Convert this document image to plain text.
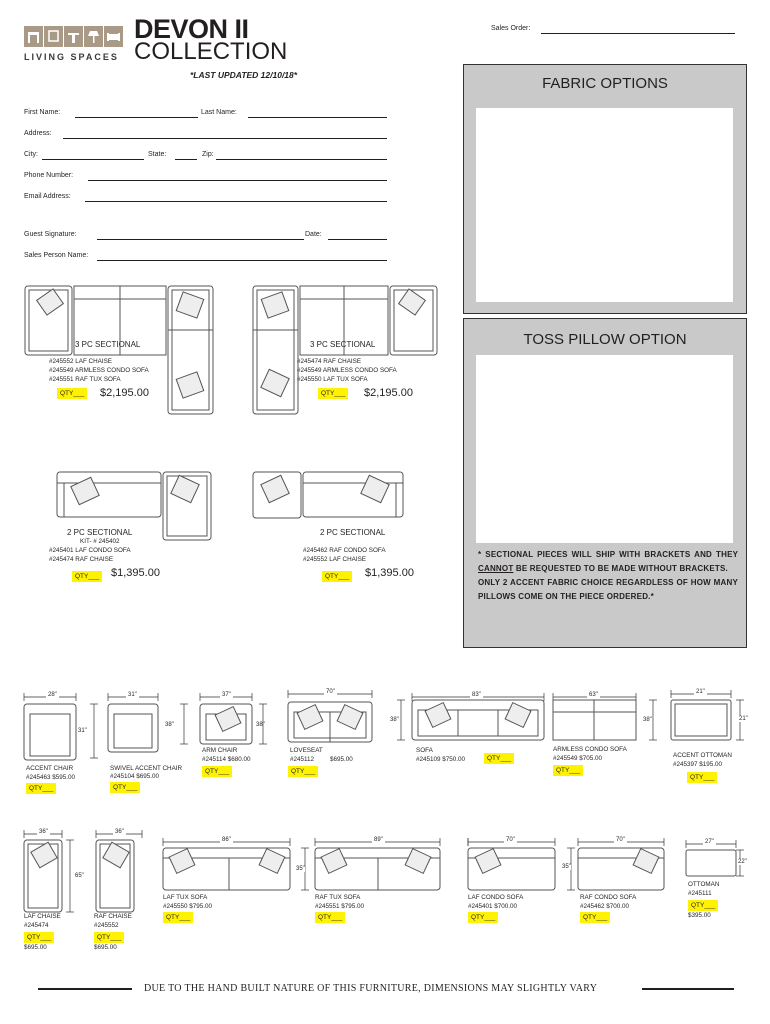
LIVING SPACES
DEVON II
COLLECTION
*LAST UPDATED 12/10/18*
Sales Order:
First Name:	Last Name:
Address:
City:	State:	Zip:
Phone Number:
Email Address:
Guest Signature:	Date:
Sales Person Name:
FABRIC OPTIONS
TOSS PILLOW OPTION
* SECTIONAL PIECES WILL SHIP WITH BRACKETS AND THEY CANNOT BE REQUESTED TO BE MADE WITHOUT BRACKETS.
ONLY 2 ACCENT FABRIC CHOICE REGARDLESS OF HOW MANY PILLOWS COME ON THE PIECE ORDERED.*
3 PC SECTIONAL
#245552 LAF CHAISE
#245549 ARMLESS CONDO SOFA
#245551 RAF TUX SOFA
QTY___ $2,195.00
3 PC SECTIONAL
#245474 RAF CHAISE
#245549 ARMLESS CONDO SOFA
#245550 LAF TUX SOFA
QTY___ $2,195.00
2 PC SECTIONAL
KIT- # 245402
#245401 LAF CONDO SOFA
#245474 RAF CHAISE
QTY___ $1,395.00
2 PC SECTIONAL
#245462 RAF CONDO SOFA
#245552 LAF CHAISE
QTY___ $1,395.00
28"
ACCENT CHAIR
#245463 $595.00
QTY___
31"
31"
SWIVEL ACCENT CHAIR
#245104 $695.00
QTY___
37"
38"	38"
ARM CHAIR
#245114 $680.00
QTY___
70"
LOVESEAT
#245112	$695.00
QTY___
83"
38"
SOFA
#245109 $750.00	QTY___
63"
38"
ARMLESS CONDO SOFA
#245549 $705.00
QTY___
21"
21"
ACCENT OTTOMAN
#245397 $195.00
QTY___
36"
65"
LAF CHAISE
#245474
QTY___
$695.00
36"
RAF CHAISE
#245552
QTY___
$695.00
86"
LAF TUX SOFA
#245550 $795.00
QTY___
89"
35"
RAF TUX SOFA
#245551 $795.00
QTY___
70"
35"
LAF CONDO SOFA
#245401 $700.00
QTY___
70"
RAF CONDO SOFA
#245462 $700.00
QTY___
27"
22"
OTTOMAN
#245111
QTY___
$395.00
DUE TO THE HAND BUILT NATURE OF THIS FURNITURE, DIMENSIONS MAY SLIGHTLY VARY
